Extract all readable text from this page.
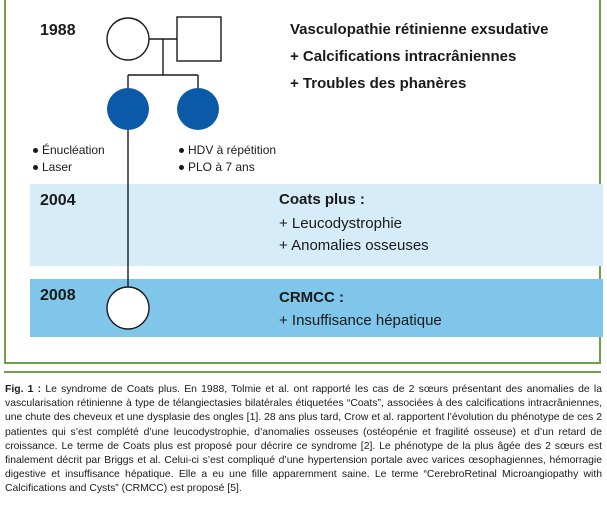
1988
2004
2008
Vasculopathie rétinienne exsudative
+ Calcifications intracrâniennes
+ Troubles des phanères
Énucléation
Laser
HDV à répétition
PLO à 7 ans
Coats plus :
+ Leucodystrophie
+ Anomalies osseuses
CRMCC :
+ Insuffisance hépatique
Fig. 1 : Le syndrome de Coats plus. En 1988, Tolmie et al. ont rapporté les cas de 2 sœurs présentant des anomalies de la vascularisation rétinienne à type de télangiectasies bilatérales étiquetées “Coats”, associées à des calcifications intracrâniennes, une chute des cheveux et une dysplasie des ongles [1]. 28 ans plus tard, Crow et al. rapportent l’évolution du phénotype de ces 2 patientes qui s’est complété d’une leucodystrophie, d’anomalies osseuses (ostéopénie et fragilité osseuse) et d’un retard de croissance. Le terme de Coats plus est proposé pour décrire ce syndrome [2]. Le phénotype de la plus âgée des 2 sœurs est finalement décrit par Briggs et al. Celui-ci s’est compliqué d’une hypertension portale avec varices œsophagiennes, hémorragie digestive et insuffisance hépatique. Elle a eu une fille apparemment saine. Le terme “CerebroRetinal Microangiopathy with Calcifications and Cysts” (CRMCC) est proposé [5].
